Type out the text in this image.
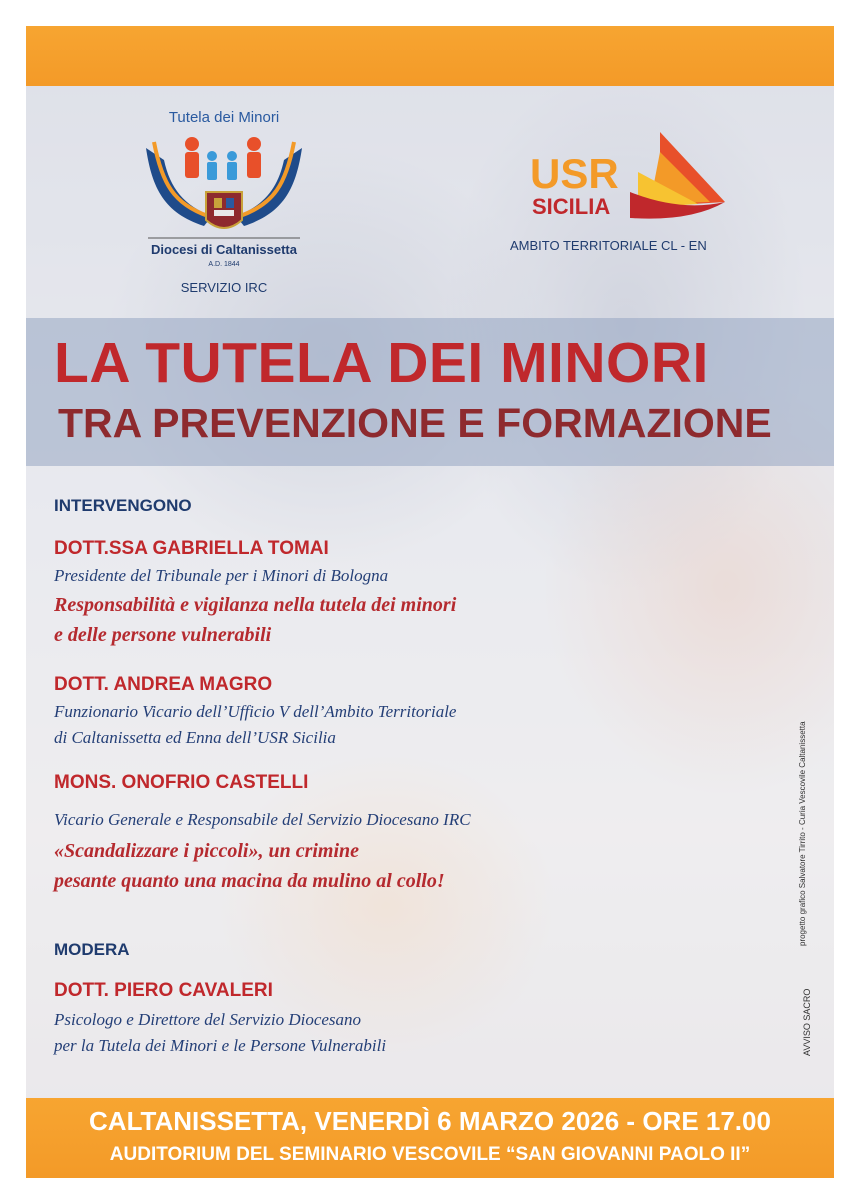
Tutela dei Minori
Diocesi di Caltanissetta
A.D. 1844
SERVIZIO IRC
USR
SICILIA
AMBITO TERRITORIALE CL - EN
LA TUTELA DEI MINORI
TRA PREVENZIONE E FORMAZIONE
INTERVENGONO
DOTT.SSA GABRIELLA TOMAI
Presidente del Tribunale per i Minori di Bologna
Responsabilità e vigilanza nella tutela dei minori
e delle persone vulnerabili
DOTT. ANDREA MAGRO
Funzionario Vicario dell’Ufficio V dell’Ambito Territoriale
di Caltanissetta ed Enna dell’USR Sicilia
MONS. ONOFRIO CASTELLI
Vicario Generale e Responsabile del Servizio Diocesano IRC
«Scandalizzare i piccoli», un crimine
pesante quanto una macina da mulino al collo!
MODERA
DOTT. PIERO CAVALERI
Psicologo e Direttore del Servizio Diocesano
per la Tutela dei Minori e le Persone Vulnerabili
progetto grafico Salvatore Tirrito - Curia Vescovile Caltanissetta
AVVISO SACRO
CALTANISSETTA, VENERDÌ 6 MARZO 2026 - ORE 17.00
AUDITORIUM DEL SEMINARIO VESCOVILE “SAN GIOVANNI PAOLO II”
